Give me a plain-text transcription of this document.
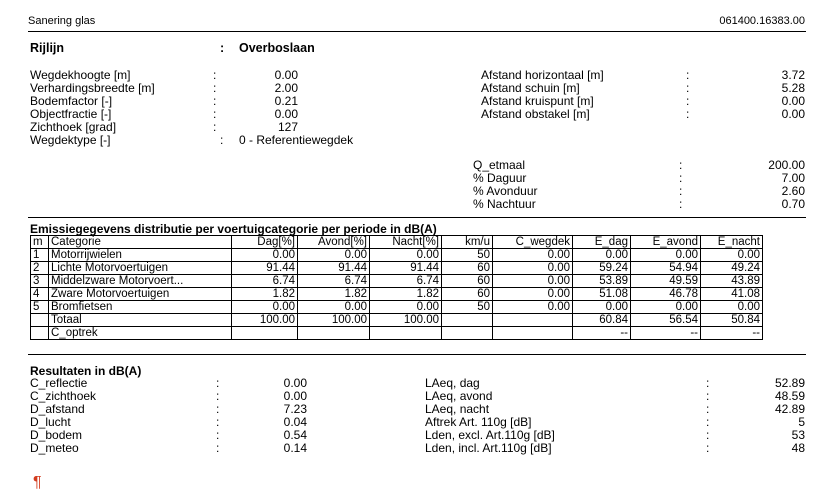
Sanering glas	061400.16383.00
Rijlijn	: Overboslaan
Wegdekhoogte [m]	:	0.00
Verhardingsbreedte [m]	:	2.00
Bodemfactor [-]	:	0.21
Objectfractie [-]	:	0.00
Zichthoek [grad]	:	127
Wegdektype [-]	: 0 - Referentiewegdek
Afstand horizontaal [m]	:	3.72
Afstand schuin [m]	:	5.28
Afstand kruispunt [m]	:	0.00
Afstand obstakel [m]	:	0.00
Q_etmaal	:	200.00
% Daguur	:	7.00
% Avonduur	:	2.60
% Nachtuur	:	0.70
Emissiegegevens distributie per voertuigcategorie per periode in dB(A)
m	Categorie	Dag[%]	Avond[%]	Nacht[%]	km/u	C_wegdek	E_dag	E_avond	E_nacht
1	Motorrijwielen	0.00	0.00	0.00	50	0.00	0.00	0.00	0.00
2	Lichte Motorvoertuigen	91.44	91.44	91.44	60	0.00	59.24	54.94	49.24
3	Middelzware Motorvoert...	6.74	6.74	6.74	60	0.00	53.89	49.59	43.89
4	Zware Motorvoertuigen	1.82	1.82	1.82	60	0.00	51.08	46.78	41.08
5	Bromfietsen	0.00	0.00	0.00	50	0.00	0.00	0.00	0.00
	Totaal	100.00	100.00	100.00			60.84	56.54	50.84
	C_optrek						--	--	--
Resultaten in dB(A)
C_reflectie	:	0.00
C_zichthoek	:	0.00
D_afstand	:	7.23
D_lucht	:	0.04
D_bodem	:	0.54
D_meteo	:	0.14
LAeq, dag	:	52.89
LAeq, avond	:	48.59
LAeq, nacht	:	42.89
Aftrek Art. 110g [dB]	:	5
Lden, excl. Art.110g [dB]	:	53
Lden, incl. Art.110g [dB]	:	48
¶
